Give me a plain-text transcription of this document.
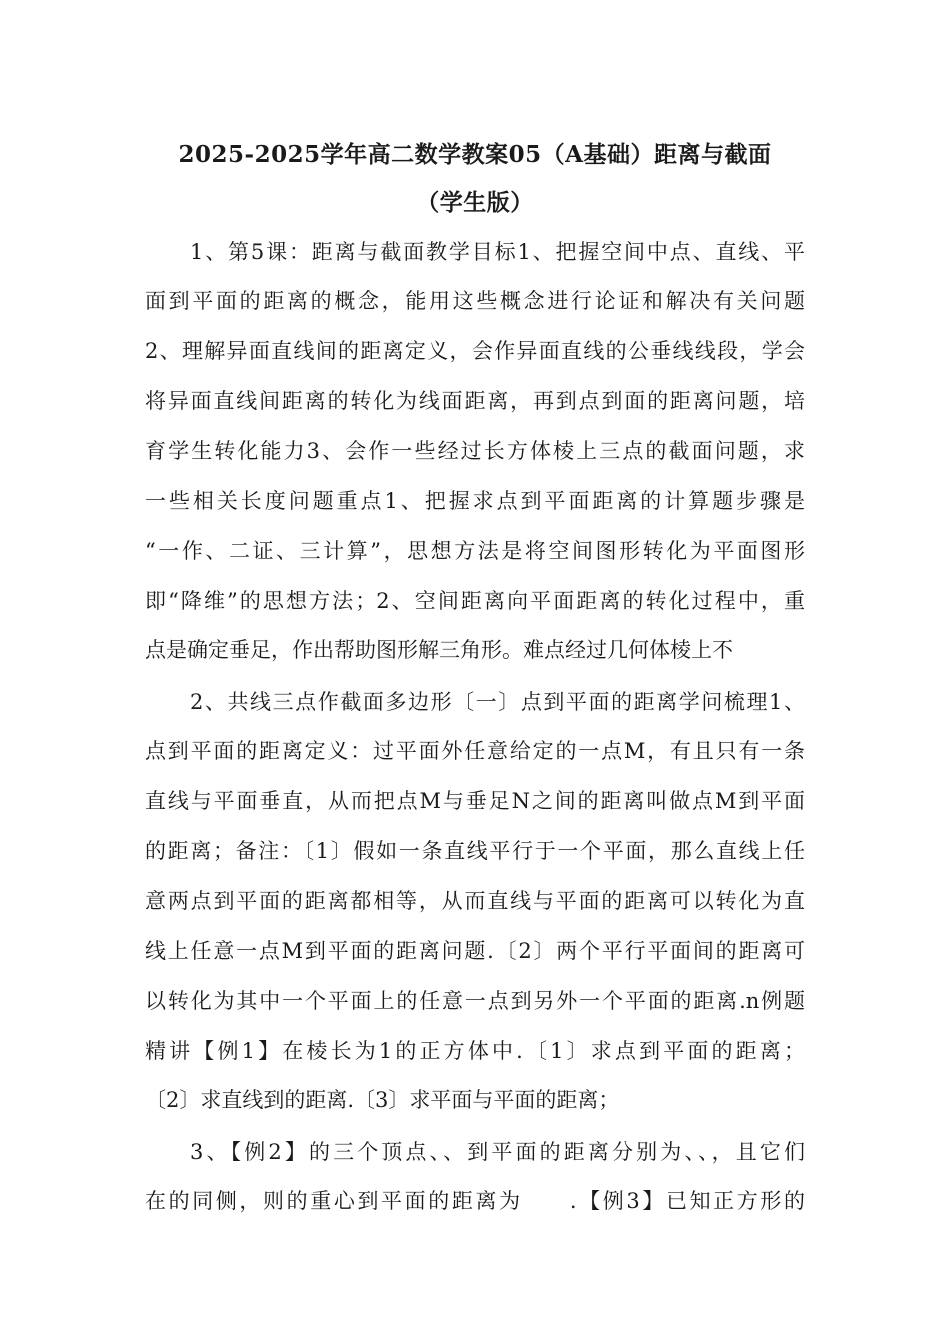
2025-2025学年高二数学教案05（A基础）距离与截面
（学生版）
1、第5课：距离与截面教学目标1、把握空间中点、直线、平
面到平面的距离的概念，能用这些概念进行论证和解决有关问题
2、理解异面直线间的距离定义，会作异面直线的公垂线线段，学会
将异面直线间距离的转化为线面距离，再到点到面的距离问题，培
育学生转化能力3、会作一些经过长方体棱上三点的截面问题，求
一些相关长度问题重点1、把握求点到平面距离的计算题步骤是
“一作、二证、三计算”，思想方法是将空间图形转化为平面图形
即“降维”的思想方法；2、空间距离向平面距离的转化过程中，重
点是确定垂足，作出帮助图形解三角形。难点经过几何体棱上不
2、共线三点作截面多边形〔一〕点到平面的距离学问梳理1、
点到平面的距离定义：过平面外任意给定的一点M，有且只有一条
直线与平面垂直，从而把点M与垂足N之间的距离叫做点M到平面
的距离；备注：〔1〕假如一条直线平行于一个平面，那么直线上任
意两点到平面的距离都相等，从而直线与平面的距离可以转化为直
线上任意一点M到平面的距离问题.〔2〕两个平行平面间的距离可
以转化为其中一个平面上的任意一点到另外一个平面的距离.n例题
精讲【例1】在棱长为1的正方体中.〔1〕求点到平面的距离；
〔2〕求直线到的距离.〔3〕求平面与平面的距离；
3、【例2】的三个顶点、、到平面的距离分别为、、，且它们
在的同侧，则的重心到平面的距离为　　.【例3】已知正方形的
